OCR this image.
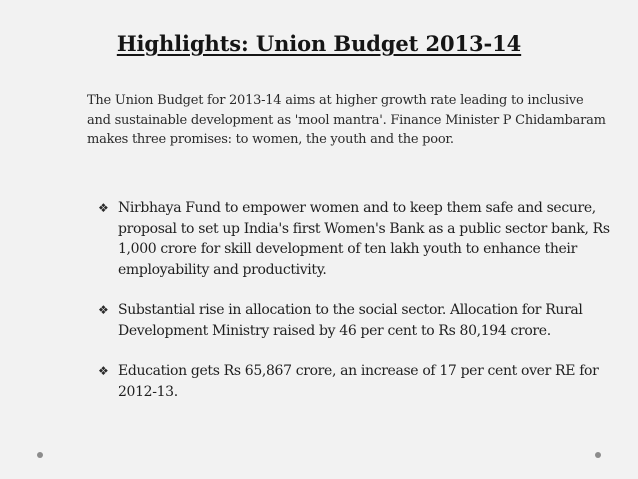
Highlights: Union Budget 2013-14

The Union Budget for 2013-14 aims at higher growth rate leading to inclusive and sustainable development as 'mool mantra'. Finance Minister P Chidambaram makes three promises: to women, the youth and the poor.

❖ Nirbhaya Fund to empower women and to keep them safe and secure, proposal to set up India's first Women's Bank as a public sector bank, Rs 1,000 crore for skill development of ten lakh youth to enhance their employability and productivity.
❖ Substantial rise in allocation to the social sector. Allocation for Rural Development Ministry raised by 46 per cent to Rs 80,194 crore.
❖ Education gets Rs 65,867 crore, an increase of 17 per cent over RE for 2012-13.
